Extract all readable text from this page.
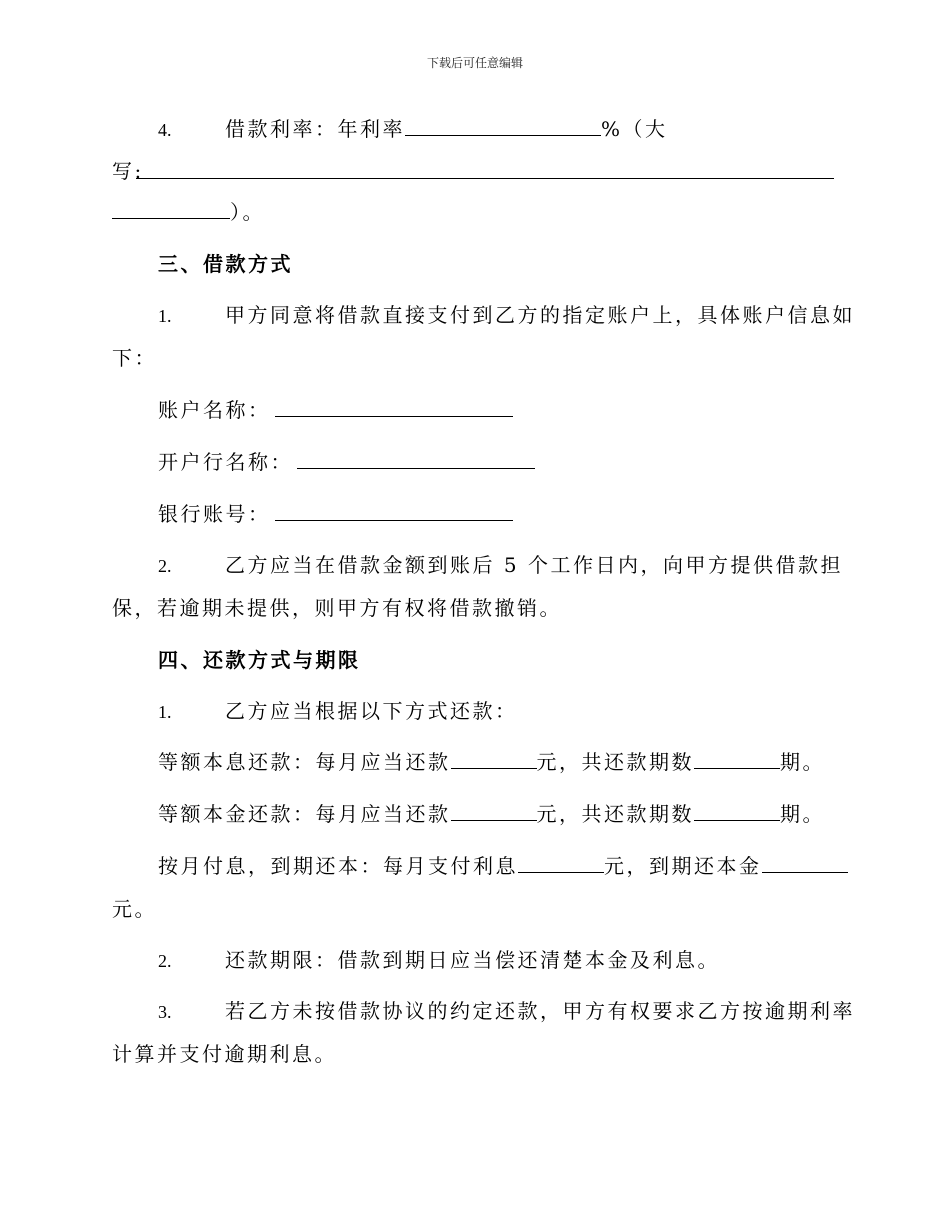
下载后可任意编辑
4.	借款利率：年利率	%（大
写:
）。
三、借款方式
1.	甲方同意将借款直接支付到乙方的指定账户上，具体账户信息如
下：
账户名称：
开户行名称：
银行账号：
2.	乙方应当在借款金额到账后 5 个工作日内，向甲方提供借款担
保，若逾期未提供，则甲方有权将借款撤销。
四、还款方式与期限
1.	乙方应当根据以下方式还款：
等额本息还款：每月应当还款	元，共还款期数	期。
等额本金还款：每月应当还款	元，共还款期数	期。
按月付息，到期还本：每月支付利息	元，到期还本金
元。
2.	还款期限：借款到期日应当偿还清楚本金及利息。
3.	若乙方未按借款协议的约定还款，甲方有权要求乙方按逾期利率
计算并支付逾期利息。
